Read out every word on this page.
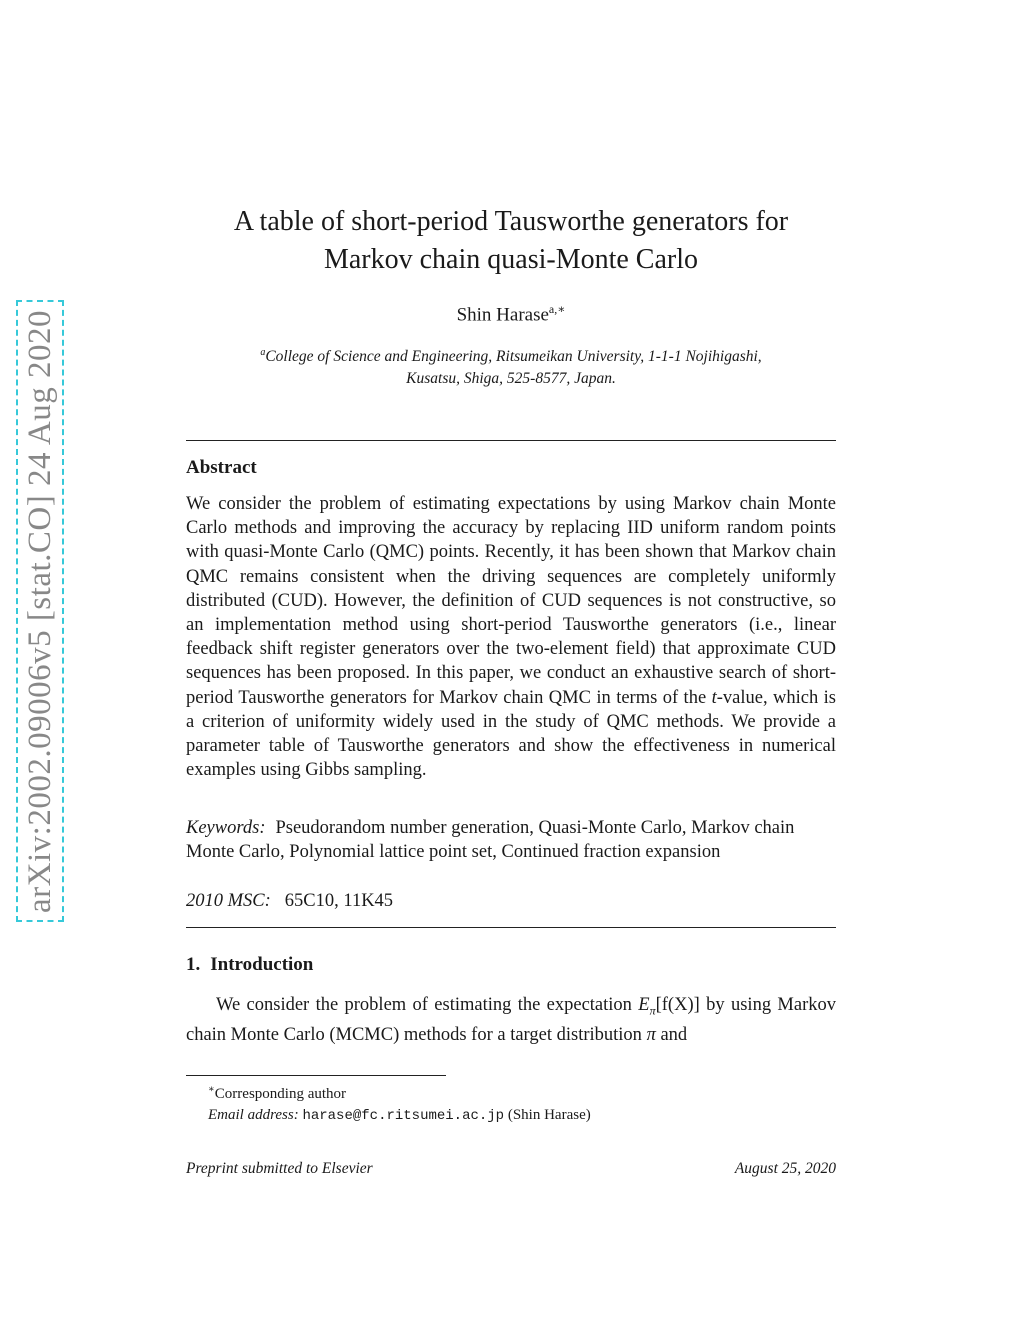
arXiv:2002.09006v5 [stat.CO] 24 Aug 2020
A table of short-period Tausworthe generators for
Markov chain quasi-Monte Carlo
Shin Harase$^{a,∗}$
$^a$College of Science and Engineering, Ritsumeikan University, 1-1-1 Nojihigashi,
Kusatsu, Shiga, 525-8577, Japan.
Abstract
We consider the problem of estimating expectations by using Markov chain Monte Carlo methods and improving the accuracy by replacing IID uniform random points with quasi-Monte Carlo (QMC) points. Recently, it has been shown that Markov chain QMC remains consistent when the driving sequences are completely uniformly distributed (CUD). However, the definition of CUD sequences is not constructive, so an implementation method using short-period Tausworthe generators (i.e., linear feedback shift register generators over the two-element field) that approximate CUD sequences has been proposed. In this paper, we conduct an exhaustive search of short-period Tausworthe generators for Markov chain QMC in terms of the t-value, which is a criterion of uniformity widely used in the study of QMC methods. We provide a parameter table of Tausworthe generators and show the effectiveness in numerical examples using Gibbs sampling.
Keywords: Pseudorandom number generation, Quasi-Monte Carlo, Markov chain Monte Carlo, Polynomial lattice point set, Continued fraction expansion
2010 MSC: 65C10, 11K45
1. Introduction
We consider the problem of estimating the expectation $E_\pi[f(X)]$ by using Markov chain Monte Carlo (MCMC) methods for a target distribution π and
∗Corresponding author
Email address: harase@fc.ritsumei.ac.jp (Shin Harase)
Preprint submitted to Elsevier	August 25, 2020
